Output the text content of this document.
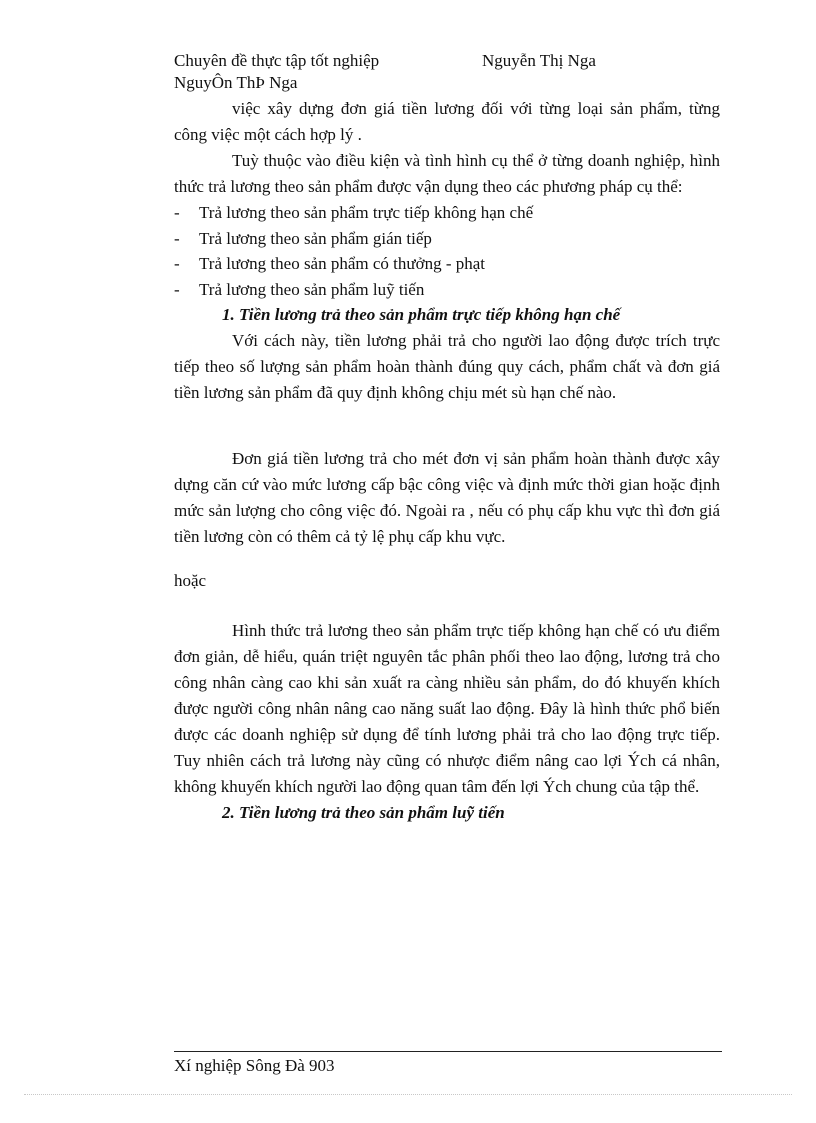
Chuyên đề thực tập tốt nghiệp	Nguyễn Thị Nga
NguyÔn ThÞ Nga

việc xây dựng đơn giá tiền lương đối với từng loại sản phẩm, từng công việc một cách hợp lý .

Tuỳ thuộc vào điều kiện và tình hình cụ thể ở từng doanh nghiệp, hình thức trả lương theo sản phẩm được vận dụng theo các phương pháp cụ thể:

- Trả lương theo sản phẩm trực tiếp không hạn chế
- Trả lương theo sản phẩm gián tiếp
- Trả lương theo sản phẩm có thưởng - phạt
- Trả lương theo sản phẩm luỹ tiến

1. Tiền lương trả theo sản phẩm trực tiếp không hạn chế

Với cách này, tiền lương phải trả cho người lao động được trích trực tiếp theo số lượng sản phẩm hoàn thành đúng quy cách, phẩm chất và đơn giá tiền lương sản phẩm đã quy định không chịu mét sù hạn chế nào.

Đơn giá tiền lương trả cho mét đơn vị sản phẩm hoàn thành được xây dựng căn cứ vào mức lương cấp bậc công việc và định mức thời gian hoặc định mức sản lượng cho công việc đó. Ngoài ra , nếu có phụ cấp khu vực thì đơn giá tiền lương còn có thêm cả tỷ lệ phụ cấp khu vực.

hoặc

Hình thức trả lương theo sản phẩm trực tiếp không hạn chế có ưu điểm đơn giản, dễ hiểu, quán triệt nguyên tắc phân phối theo lao động, lương trả cho công nhân càng cao khi sản xuất ra càng nhiều sản phẩm, do đó khuyến khích được người công nhân nâng cao năng suất lao động. Đây là hình thức phổ biến được các doanh nghiệp sử dụng để tính lương phải trả cho lao động trực tiếp. Tuy nhiên cách trả lương này cũng có nhược điểm nâng cao lợi Ých cá nhân, không khuyến khích người lao động quan tâm đến lợi Ých chung của tập thể.

2. Tiền lương trả theo sản phẩm luỹ tiến

Xí nghiệp Sông Đà 903
